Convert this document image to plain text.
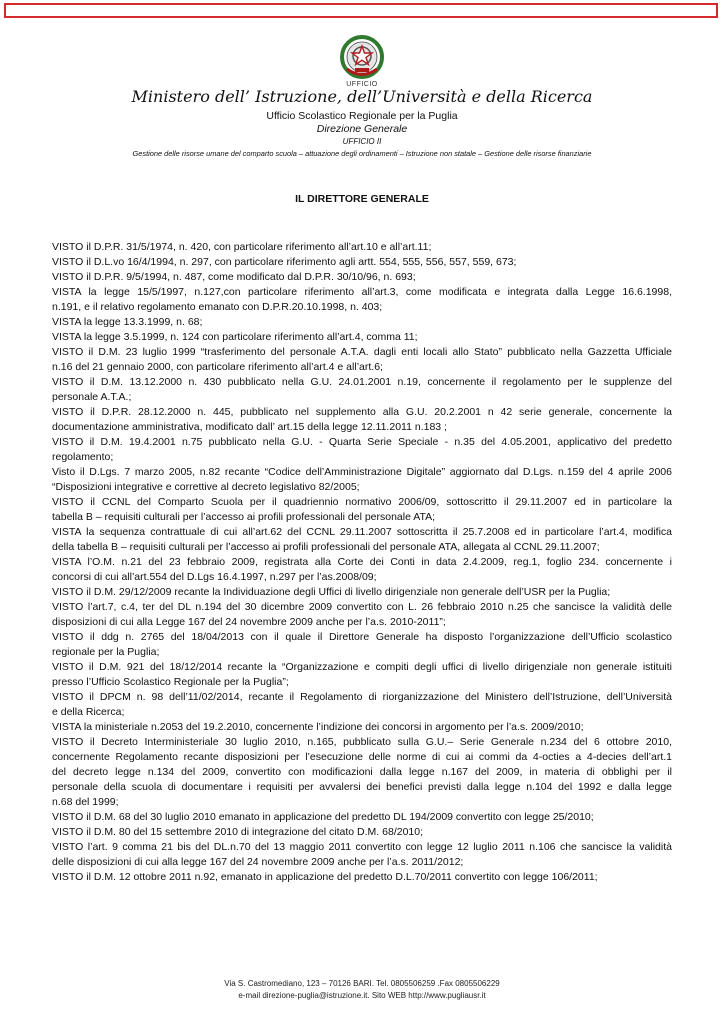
UFFICIO
Ministero dell’ Istruzione, dell’Università e della Ricerca
Ufficio Scolastico Regionale per la Puglia
Direzione Generale
UFFICIO II
Gestione delle risorse umane del comparto scuola – attuazione degli ordinamenti – Istruzione non statale – Gestione delle risorse finanziarie
IL DIRETTORE GENERALE

VISTO il D.P.R. 31/5/1974, n. 420, con particolare riferimento all’art.10 e all’art.11;

VISTO il D.L.vo 16/4/1994, n. 297, con particolare riferimento agli artt. 554, 555, 556, 557, 559, 673;

VISTO il D.P.R. 9/5/1994, n. 487, come modificato dal D.P.R. 30/10/96, n. 693;

VISTA la legge 15/5/1997, n.127,con particolare riferimento all’art.3, come modificata e integrata dalla Legge 16.6.1998,
n.191, e il relativo regolamento emanato con D.P.R.20.10.1998, n. 403;

VISTA la legge 13.3.1999, n. 68;

VISTA la legge 3.5.1999, n. 124 con particolare riferimento all’art.4, comma 11;

VISTO il D.M. 23 luglio 1999 “trasferimento del personale A.T.A. dagli enti locali allo Stato” pubblicato nella Gazzetta Ufficiale
n.16 del 21 gennaio 2000, con particolare riferimento all’art.4 e all’art.6;

VISTO il D.M. 13.12.2000 n. 430 pubblicato nella G.U. 24.01.2001 n.19, concernente il regolamento per le supplenze del
personale A.T.A.;

VISTO il D.P.R. 28.12.2000 n. 445, pubblicato nel supplemento alla G.U. 20.2.2001 n 42 serie generale, concernente la
documentazione amministrativa, modificato dall’ art.15 della legge 12.11.2011 n.183 ;

VISTO il D.M. 19.4.2001 n.75 pubblicato nella G.U. - Quarta Serie Speciale - n.35 del 4.05.2001, applicativo del predetto
regolamento;

Visto il D.Lgs. 7 marzo 2005, n.82 recante “Codice dell’Amministrazione Digitale” aggiornato dal D.Lgs. n.159 del 4 aprile 2006
“Disposizioni integrative e correttive al decreto legislativo 82/2005;

VISTO il CCNL del Comparto Scuola per il quadriennio normativo 2006/09, sottoscritto il 29.11.2007 ed in particolare la
tabella B – requisiti culturali per l’accesso ai profili professionali del personale ATA;

VISTA la sequenza contrattuale di cui all’art.62 del CCNL 29.11.2007 sottoscritta il 25.7.2008 ed in particolare l’art.4, modifica
della tabella B – requisiti culturali per l’accesso ai profili professionali del personale ATA, allegata al CCNL 29.11.2007;

VISTA l’O.M. n.21 del 23 febbraio 2009, registrata alla Corte dei Conti in data 2.4.2009, reg.1, foglio 234. concernente i
concorsi di cui all’art.554 del D.Lgs 16.4.1997, n.297 per l’as.2008/09;

VISTO il D.M. 29/12/2009 recante la Individuazione degli Uffici di livello dirigenziale non generale dell’USR per la Puglia;

VISTO l’art.7, c.4, ter del DL n.194 del 30 dicembre 2009 convertito con L. 26 febbraio 2010 n.25 che sancisce la validità delle
disposizioni di cui alla Legge 167 del 24 novembre 2009 anche per l’a.s. 2010-2011”;

VISTO il ddg n. 2765 del 18/04/2013 con il quale il Direttore Generale ha disposto l’organizzazione dell’Ufficio scolastico
regionale per la Puglia;

VISTO il D.M. 921 del 18/12/2014 recante la “Organizzazione e compiti degli uffici di livello dirigenziale non generale istituiti
presso l’Ufficio Scolastico Regionale per la Puglia”;

VISTO il DPCM n. 98 dell’11/02/2014, recante il Regolamento di riorganizzazione del Ministero dell’Istruzione, dell’Università
e della Ricerca;

VISTA la ministeriale n.2053 del 19.2.2010, concernente l’indizione dei concorsi in argomento per l’a.s. 2009/2010;

VISTO il Decreto Interministeriale 30 luglio 2010, n.165, pubblicato sulla G.U.– Serie Generale n.234 del 6 ottobre 2010,
concernente Regolamento recante disposizioni per l’esecuzione delle norme di cui ai commi da 4-octies a 4-decies dell’art.1
del decreto legge n.134 del 2009, convertito con modificazioni dalla legge n.167 del 2009, in materia di obblighi per il
personale della scuola di documentare i requisiti per avvalersi dei benefici previsti dalla legge n.104 del 1992 e dalla legge
n.68 del 1999;

VISTO il D.M. 68 del 30 luglio 2010 emanato in applicazione del predetto DL 194/2009 convertito con legge 25/2010;

VISTO il D.M. 80 del 15 settembre 2010 di integrazione del citato D.M. 68/2010;

VISTO l’art. 9 comma 21 bis del DL.n.70 del 13 maggio 2011 convertito con legge 12 luglio 2011 n.106 che sancisce la validità
delle disposizioni di cui alla legge 167 del 24 novembre 2009 anche per l’a.s. 2011/2012;

VISTO il D.M. 12 ottobre 2011 n.92, emanato in applicazione del predetto D.L.70/2011 convertito con legge 106/2011;

Via S. Castromediano, 123 – 70126 BARI. Tel. 0805506259 .Fax 0805506229
e-mail direzione-puglia@istruzione.it. Sito WEB http://www.pugliausr.it
